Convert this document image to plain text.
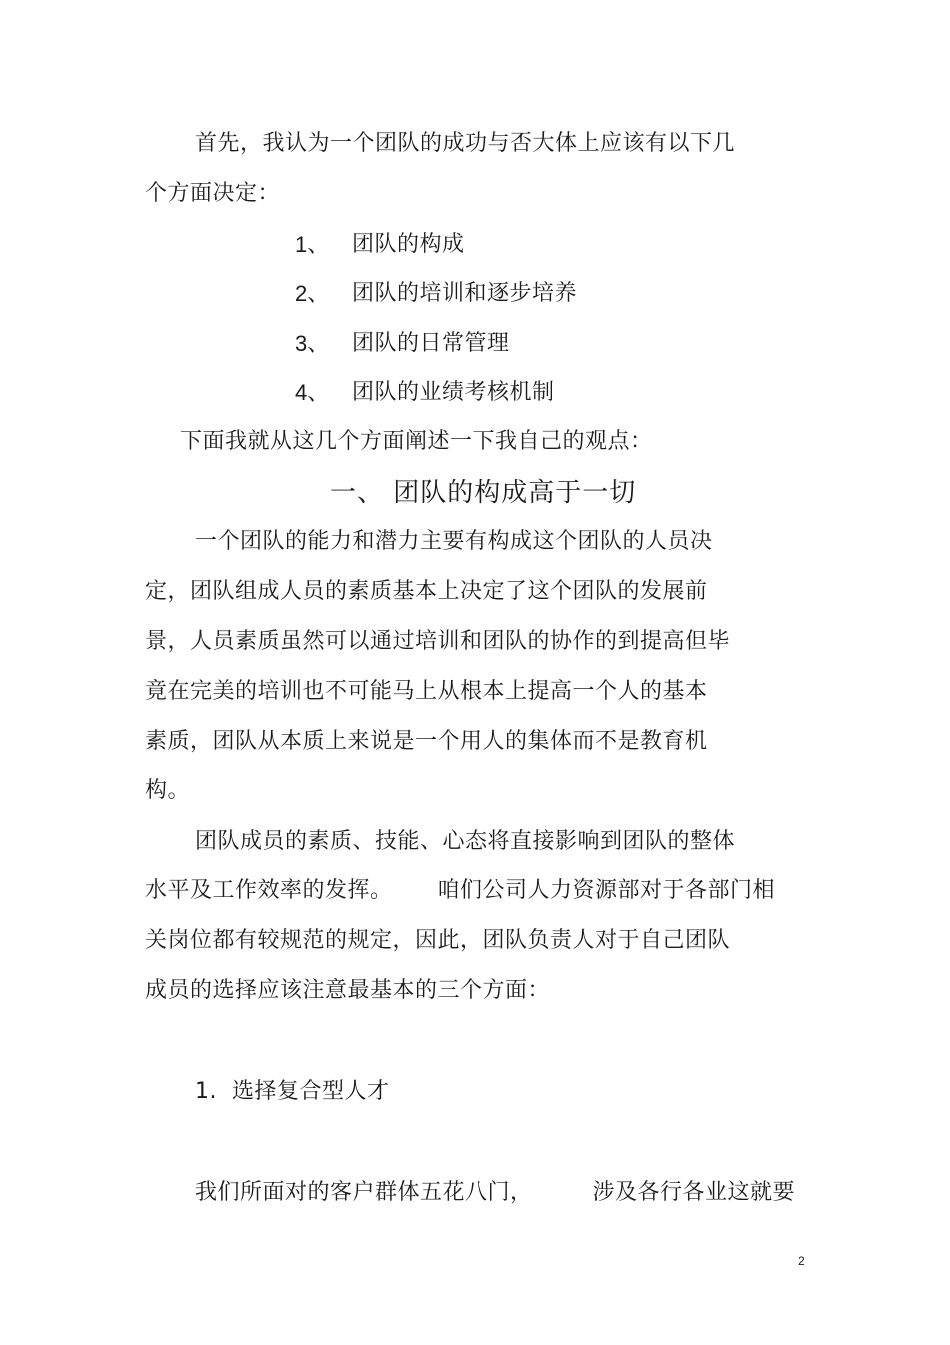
首先，我认为一个团队的成功与否大体上应该有以下几
个方面决定：
1、 团队的构成
2、 团队的培训和逐步培养
3、 团队的日常管理
4、 团队的业绩考核机制
下面我就从这几个方面阐述一下我自己的观点：
一、 团队的构成高于一切
一个团队的能力和潜力主要有构成这个团队的人员决
定，团队组成人员的素质基本上决定了这个团队的发展前
景，人员素质虽然可以通过培训和团队的协作的到提高但毕
竟在完美的培训也不可能马上从根本上提高一个人的基本
素质，团队从本质上来说是一个用人的集体而不是教育机
构。
团队成员的素质、技能、心态将直接影响到团队的整体
水平及工作效率的发挥。      咱们公司人力资源部对于各部门相
关岗位都有较规范的规定，因此，团队负责人对于自己团队
成员的选择应该注意最基本的三个方面：
1.  选择复合型人才
我们所面对的客户群体五花八门，        涉及各行各业这就要
2
